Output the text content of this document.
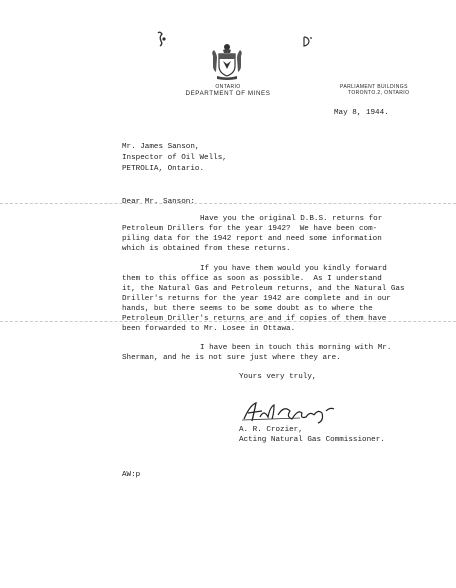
ONTARIO
DEPARTMENT OF MINES
PARLIAMENT BUILDINGS
TORONTO.2, ONTARIO
May 8, 1944.
Mr. James Sanson,
Inspector of Oil Wells,
PETROLIA, Ontario.
Dear Mr. Sanson:
Have you the original D.B.S. returns for
Petroleum Drillers for the year 1942?  We have been com-
piling data for the 1942 report and need some information
which is obtained from these returns.
If you have them would you kindly forward
them to this office as soon as possible.  As I understand
it, the Natural Gas and Petroleum returns, and the Natural Gas
Driller's returns for the year 1942 are complete and in our
hands, but there seems to be some doubt as to where the
Petroleum Driller's returns are and if copies of them have
been forwarded to Mr. Losee in Ottawa.
I have been in touch this morning with Mr.
Sherman, and he is not sure just where they are.
Yours very truly,
A. R. Crozier,
Acting Natural Gas Commissioner.
AW:p
